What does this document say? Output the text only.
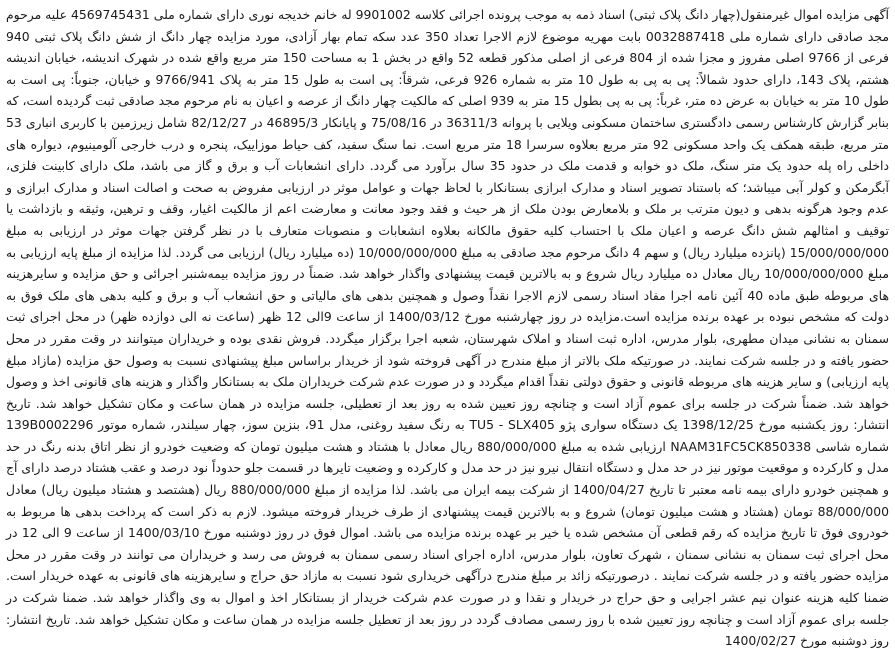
آگهی مزایده اموال غیرمنقول(چهار دانگ پلاک ثبتی) اسناد ذمه به موجب پرونده اجرائی کلاسه 9901002 له خانم خدیجه نوری دارای شماره ملی 4569745431 علیه مرحوم مجد صادقی دارای شماره ملی 0032887418 بابت مهریه موضوع لازم الاجرا تعداد 350 عدد سکه تمام بهار آزادی، مورد مزایده چهار دانگ از شش دانگ پلاک ثبتی 940 فرعی از 9766 اصلی مفروز و مجزا شده از 804 فرعی از اصلی مذکور قطعه 52 واقع در بخش 1 به مساحت 150 متر مربع واقع شده در شهرک اندیشه، خیابان اندیشه هشتم، پلاک 143، دارای حدود شمالاً: پی به پی به طول 10 متر به شماره 926 فرعی، شرقاً: پی است به طول 15 متر به پلاک 9766/941 و خیابان، جنوباً: پی است به طول 10 متر به خیابان به عرض ده متر، غرباً: پی به پی بطول 15 متر به 939 اصلی که مالکیت چهار دانگ از عرصه و اعیان به نام مرحوم مجد صادقی ثبت گردیده است، که بنابر گزارش کارشناس رسمی دادگستری ساختمان مسکونی ویلایی با پروانه 36311/3 در 75/08/16 و پایانکار 46895/3 در 82/12/27 شامل زیرزمین با کاربری انباری 53 متر مربع، طبقه همکف یک واحد مسکونی 92 متر مربع بعلاوه سرسرا 18 متر مربع است. نما سنگ سفید، کف حیاط موزاییک، پنجره و درب خارجی آلومینیوم، دیواره های داخلی راه پله حدود یک متر سنگ، ملک دو خوابه و قدمت ملک در حدود 35 سال برآورد می گردد. دارای انشعابات آب و برق و گاز می باشد، ملک دارای کابینت فلزی، آبگرمکن و کولر آبی میباشد؛ که باستناد تصویر اسناد و مدارک ابرازی بستانکار با لحاظ جهات و عوامل موثر در ارزیابی مفروض به صحت و اصالت اسناد و مدارک ابرازی و عدم وجود هرگونه بدهی و دیون مترتب بر ملک و بلامعارض بودن ملک از هر حیث و فقد وجود معانت و معارضت اعم از مالکیت اغیار، وقف و ترهین، وثیقه و بازداشت یا توقیف و امثالهم شش دانگ عرصه و اعیان ملک با احتساب کلیه حقوق مالکانه بعلاوه انشعابات و منصوبات متعارف با در نظر گرفتن جهات موثر در ارزیابی به مبلغ 15/000/000/000 (پانزده میلیارد ریال) و سهم 4 دانگ مرحوم مجد صادقی به مبلغ 10/000/000/000 (ده میلیارد ریال) ارزیابی می گردد. لذا مزایده از مبلغ پایه ارزیابی به مبلغ 10/000/000/000 ریال معادل ده میلیارد ریال شروع و به بالاترین قیمت پیشنهادی واگذار خواهد شد. ضمناً در روز مزایده بیمه‌شنبر اجرائی و حق مزایده و سایرهزینه های مربوطه طبق ماده 40 آئین نامه اجرا مفاد اسناد رسمی لازم الاجرا نقداً وصول و همچنین بدهی های مالیاتی و حق انشعاب آب و برق و کلیه بدهی های ملک فوق به دولت که مشخص نبوده بر عهده برنده مزایده است.مزایده در روز چهارشنبه مورخ 1400/03/12 از ساعت 9الی 12 ظهر (ساعت نه الی دوازده ظهر) در محل اجرای ثبت سمنان به نشانی میدان مطهری، بلوار مدرس، اداره ثبت اسناد و املاک شهرستان، شعبه اجرا برگزار میگردد. فروش نقدی بوده و خریداران میتوانند در وقت مقرر در محل حضور یافته و در جلسه شرکت نمایند. در صورتیکه ملک بالاتر از مبلغ مندرج در آگهی فروخته شود از خریدار براساس مبلغ پیشنهادی نسبت به وصول حق مزایده (مازاد مبلغ پایه ارزیابی) و سایر هزینه های مربوطه قانونی و حقوق دولتی نقداً اقدام میگردد و در صورت عدم شرکت خریداران ملک به بستانکار واگذار و هزینه های قانونی اخذ و وصول خواهد شد. ضمناً شرکت در جلسه برای عموم آزاد است و چنانچه روز تعیین شده به روز بعد از تعطیلی، جلسه مزایده در همان ساعت و مکان تشکیل خواهد شد. تاریخ انتشار: روز یکشنبه مورخ 1398/12/25 یک دستگاه سواری پژو TU5 - SLX405 به رنگ سفید روغنی، مدل 91، بنزین سوز، چهار سیلندر، شماره موتور 139B0002296 شماره شاسی NAAM31FC5CK850338 ارزیابی شده به مبلغ 880/000/000 ریال معادل با هشتاد و هشت میلیون تومان که وضعیت خودرو از نظر اتاق بدنه رنگ در حد مدل و کارکرده و موقعیت موتور نیز در حد مدل و دستگاه انتقال نیرو نیز در حد مدل و کارکرده و وضعیت تایرها در قسمت جلو حدوداً نود درصد و عقب هشتاد درصد دارای آج و همچنین خودرو دارای بیمه نامه معتبر تا تاریخ 1400/04/27 از شرکت بیمه ایران می باشد. لذا مزایده از مبلغ 880/000/000 ریال (هشتصد و هشتاد میلیون ریال) معادل 88/000/000 تومان (هشتاد و هشت میلیون تومان) شروع و به بالاترین قیمت پیشنهادی از طرف خریدار فروخته میشود. لازم به ذکر است که پرداخت بدهی ها مربوط به خودروی فوق تا تاریخ مزایده که رقم قطعی آن مشخص شده یا خیر بر عهده برنده مزایده می باشد. اموال فوق در روز دوشنبه مورخ 1400/03/10 از ساعت 9 الی 12 در محل اجرای ثبت سمنان به نشانی سمنان ، شهرک تعاون، بلوار مدرس، اداره اجرای اسناد رسمی سمنان به فروش می رسد و خریداران می توانند در وقت مقرر در محل مزایده حضور یافته و در جلسه شرکت نمایند . درصورتیکه زائد بر مبلغ مندرج درآگهی خریداری شود نسبت به مازاد حق حراج و سایرهزینه های قانونی به عهده خریدار است. ضمنا کلیه هزینه عنوان نیم عشر اجرایی و حق حراج در خریدار و نقدا و در صورت عدم شرکت خریدار از بستانکار اخذ و اموال به وی واگذار خواهد شد. ضمنا شرکت در جلسه برای عموم آزاد است و چنانچه روز تعیین شده با روز رسمی مصادف گردد در روز بعد از تعطیل جلسه مزایده در همان ساعت و مکان تشکیل خواهد شد. تاریخ انتشار: روز دوشنبه مورخ 1400/02/27
